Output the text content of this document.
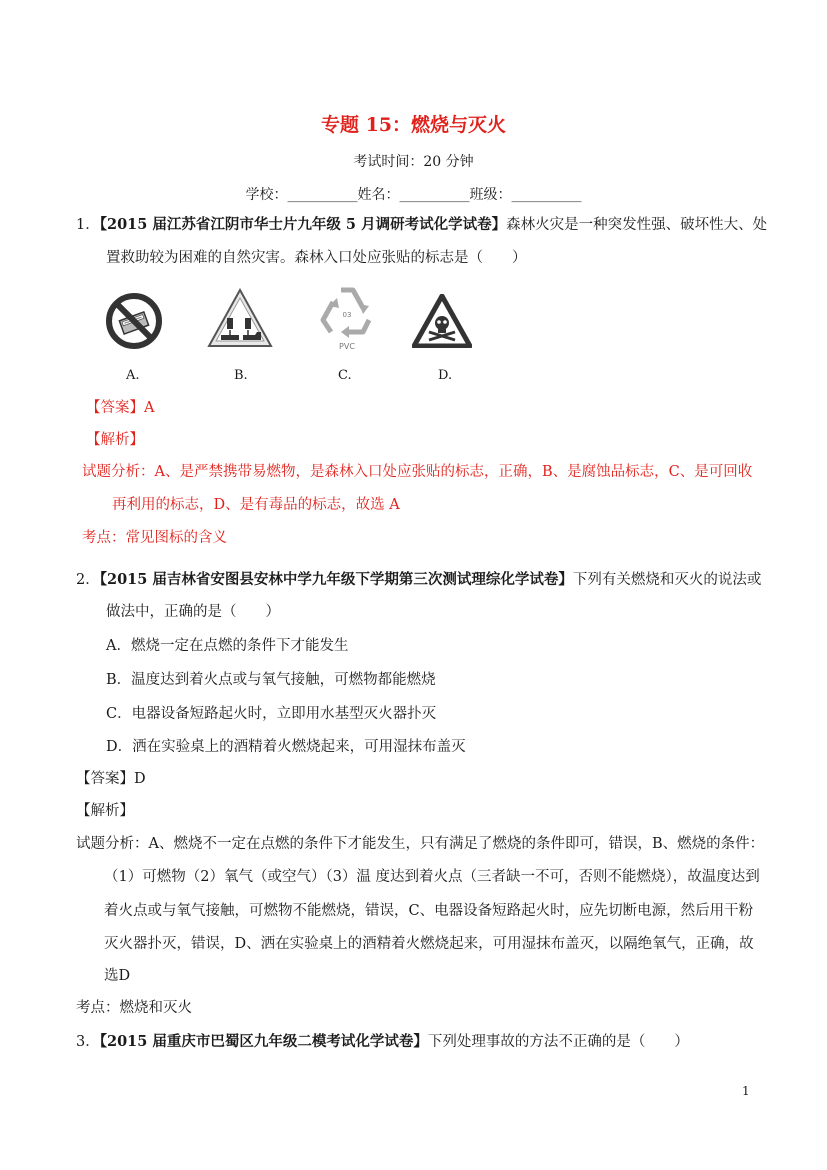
专题 15：燃烧与灭火
考试时间：20 分钟
学校：__________姓名：__________班级：__________
1．【2015 届江苏省江阴市华士片九年级 5 月调研考试化学试卷】森林火灾是一种突发性强、破坏性大、处
置救助较为困难的自然灾害。森林入口处应张贴的标志是（　　）
03
PVC
A.	B.	C.	D.
【答案】A
【解析】
试题分析：A、是严禁携带易燃物，是森林入口处应张贴的标志，正确，B、是腐蚀品标志，C、是可回收
再利用的标志，D、是有毒品的标志，故选 A
考点：常见图标的含义
2．【2015 届吉林省安图县安林中学九年级下学期第三次测试理综化学试卷】下列有关燃烧和灭火的说法或
做法中，正确的是（　　）
A．燃烧一定在点燃的条件下才能发生
B．温度达到着火点或与氧气接触，可燃物都能燃烧
C．电器设备短路起火时，立即用水基型灭火器扑灭
D．洒在实验桌上的酒精着火燃烧起来，可用湿抹布盖灭
【答案】D
【解析】
试题分析：A、燃烧不一定在点燃的条件下才能发生，只有满足了燃烧的条件即可，错误，B、燃烧的条件：
（1）可燃物（2）氧气（或空气）（3）温 度达到着火点（三者缺一不可，否则不能燃烧），故温度达到
着火点或与氧气接触，可燃物不能燃烧，错误，C、电器设备短路起火时，应先切断电源，然后用干粉
灭火器扑灭，错误，D、洒在实验桌上的酒精着火燃烧起来，可用湿抹布盖灭，以隔绝氧气，正确，故
选D
考点：燃烧和灭火
3．【2015 届重庆市巴蜀区九年级二模考试化学试卷】下列处理事故的方法不正确的是（　　）
1
